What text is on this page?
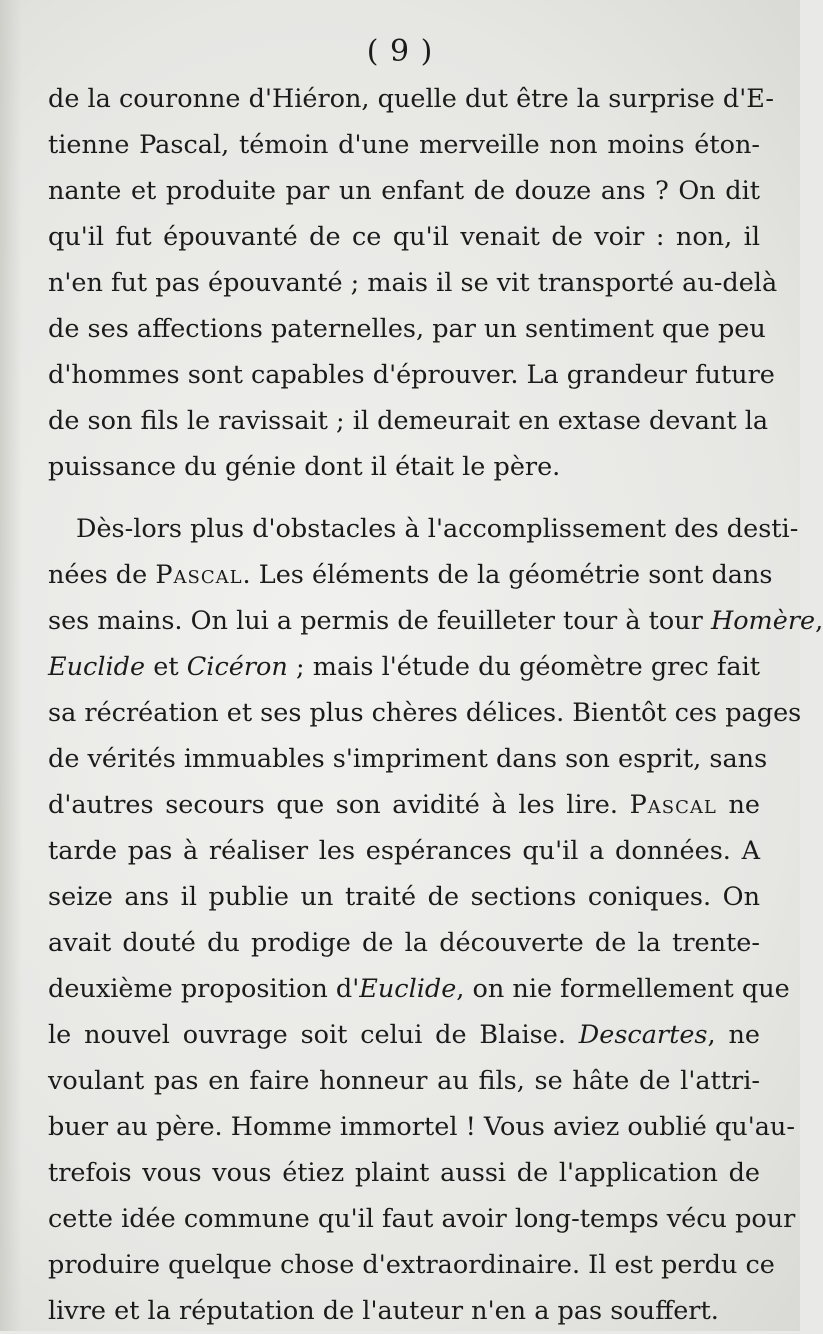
( 9 )
de la couronne d'Hiéron, quelle dut être la surprise d'E-
tienne Pascal, témoin d'une merveille non moins éton-
nante et produite par un enfant de douze ans ? On dit
qu'il fut épouvanté de ce qu'il venait de voir : non, il
n'en fut pas épouvanté ; mais il se vit transporté au-delà
de ses affections paternelles, par un sentiment que peu
d'hommes sont capables d'éprouver. La grandeur future
de son fils le ravissait ; il demeurait en extase devant la
puissance du génie dont il était le père.
Dès-lors plus d'obstacles à l'accomplissement des desti-
nées de Pascal. Les éléments de la géométrie sont dans
ses mains. On lui a permis de feuilleter tour à tour Homère,
Euclide et Cicéron ; mais l'étude du géomètre grec fait
sa récréation et ses plus chères délices. Bientôt ces pages
de vérités immuables s'impriment dans son esprit, sans
d'autres secours que son avidité à les lire. Pascal ne
tarde pas à réaliser les espérances qu'il a données. A
seize ans il publie un traité de sections coniques. On
avait douté du prodige de la découverte de la trente-
deuxième proposition d'Euclide, on nie formellement que
le nouvel ouvrage soit celui de Blaise. Descartes, ne
voulant pas en faire honneur au fils, se hâte de l'attri-
buer au père. Homme immortel ! Vous aviez oublié qu'au-
trefois vous vous étiez plaint aussi de l'application de
cette idée commune qu'il faut avoir long-temps vécu pour
produire quelque chose d'extraordinaire. Il est perdu ce
livre et la réputation de l'auteur n'en a pas souffert.
